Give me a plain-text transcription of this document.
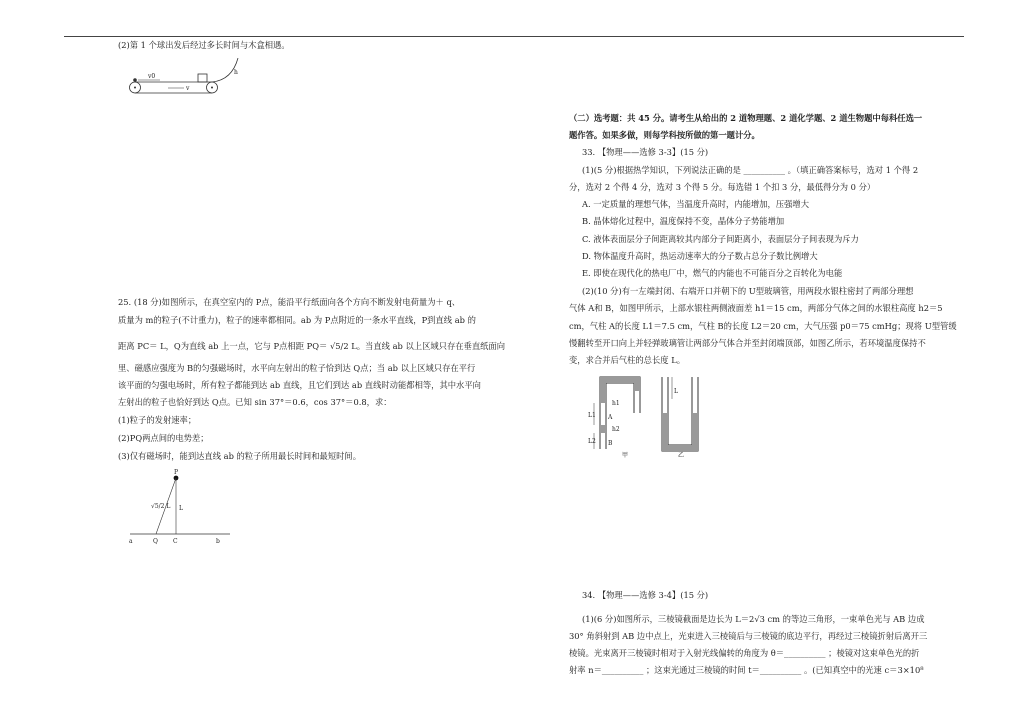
(2)第 1 个球出发后经过多长时间与木盒相遇。
v0
v
h
25. (18 分)如图所示，在真空室内的 P点，能沿平行纸面向各个方向不断发射电荷量为＋ q、
质量为 m的粒子(不计重力)，粒子的速率都相同。ab 为 P点附近的一条水平直线，P到直线 ab 的
距离 PC＝ L，Q为直线 ab 上一点，它与 P点相距 PQ＝ √5/2 L。当直线 ab 以上区域只存在垂直纸面向
里、磁感应强度为 B的匀强磁场时，水平向左射出的粒子恰到达 Q点；当 ab 以上区域只存在平行
该平面的匀强电场时，所有粒子都能到达 ab 直线，且它们到达 ab 直线时动能都相等，其中水平向
左射出的粒子也恰好到达 Q点。已知 sin 37°＝0.6，cos 37°＝0.8，求：
(1)粒子的发射速率；
(2)PQ两点间的电势差；
(3)仅有磁场时，能到达直线 ab 的粒子所用最长时间和最短时间。
P
√5/2 L L
a	Q	C	b
（二）选考题：共 45 分。请考生从给出的 2 道物理题、2 道化学题、2 道生物题中每科任选一
题作答。如果多做，则每学科按所做的第一题计分。
33. 【物理——选修 3-3】(15 分)
(1)(5 分)根据热学知识，下列说法正确的是 __________ 。（填正确答案标号，选对 1 个得 2
分，选对 2 个得 4 分，选对 3 个得 5 分。每选错 1 个扣 3 分，最低得分为 0 分）
A. 一定质量的理想气体，当温度升高时，内能增加，压强增大
B. 晶体熔化过程中，温度保持不变，晶体分子势能增加
C. 液体表面层分子间距离较其内部分子间距离小，表面层分子间表现为斥力
D. 物体温度升高时，热运动速率大的分子数占总分子数比例增大
E. 即使在现代化的热电厂中，燃气的内能也不可能百分之百转化为电能
(2)(10 分)有一左端封闭、右端开口并朝下的 U型玻璃管，用两段水银柱密封了两部分理想
气体 A和 B，如图甲所示，上部水银柱两侧液面差 h1＝15 cm，两部分气体之间的水银柱高度 h2＝5
cm，气柱 A的长度 L1＝7.5 cm，气柱 B的长度 L2＝20 cm，大气压强 p0＝75 cmHg；现将 U型管缓
慢翻转至开口向上并轻弹玻璃管让两部分气体合并至封闭端顶部，如图乙所示，若环境温度保持不
变，求合并后气柱的总长度 L。
L1
L2
h1
h2
A
B
甲
L
乙
34. 【物理——选修 3-4】(15 分)
(1)(6 分)如图所示，三棱镜截面是边长为 L＝2√3 cm 的等边三角形，一束单色光与 AB 边成
30° 角斜射到 AB 边中点上，光束进入三棱镜后与三棱镜的底边平行，再经过三棱镜折射后离开三
棱镜。光束离开三棱镜时相对于入射光线偏转的角度为 θ＝__________ ；棱镜对这束单色光的折
射率 n＝__________ ；这束光通过三棱镜的时间 t＝__________ 。(已知真空中的光速 c＝3×10⁸
